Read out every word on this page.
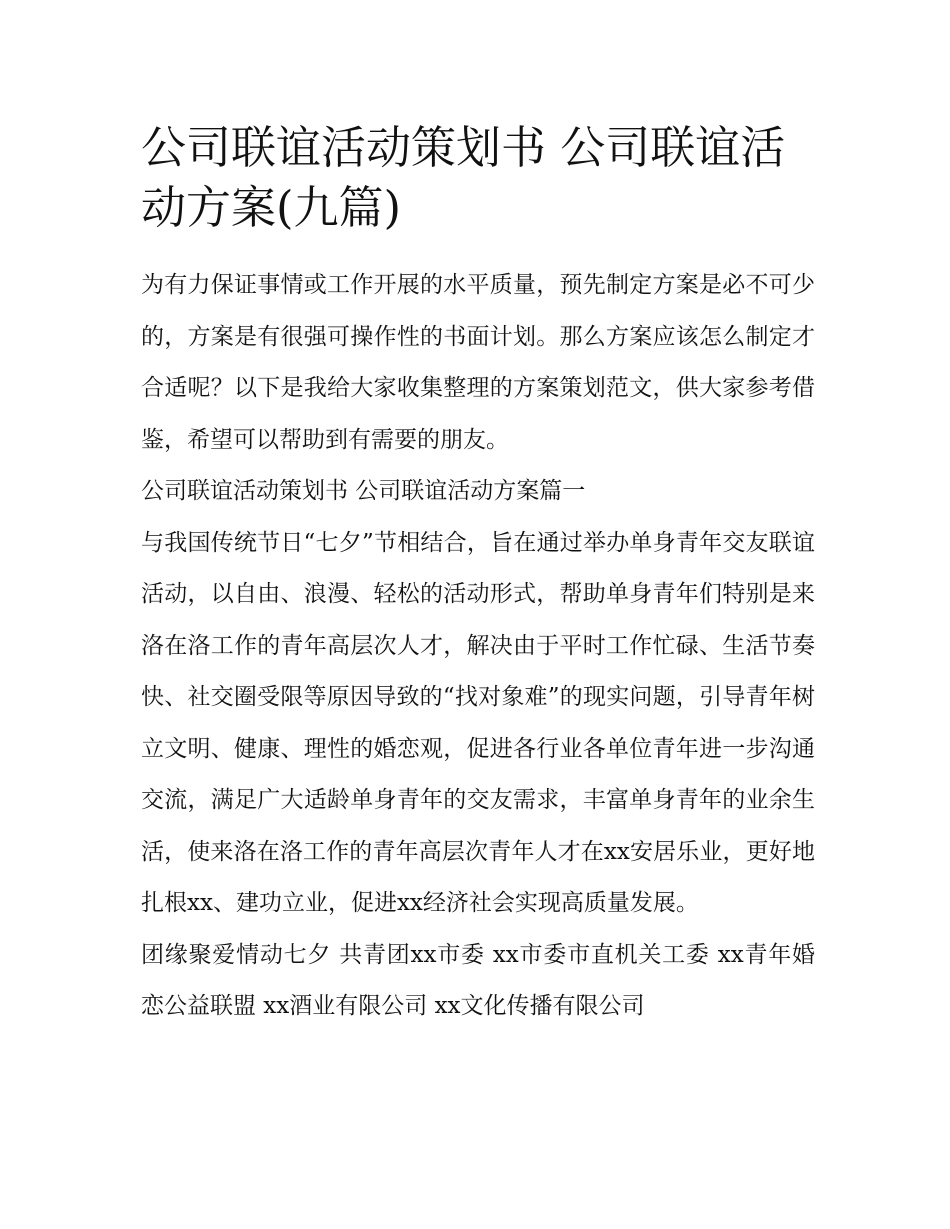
公司联谊活动策划书 公司联谊活动方案(九篇)

为有力保证事情或工作开展的水平质量，预先制定方案是必不可少的，方案是有很强可操作性的书面计划。那么方案应该怎么制定才合适呢？以下是我给大家收集整理的方案策划范文，供大家参考借鉴，希望可以帮助到有需要的朋友。

公司联谊活动策划书 公司联谊活动方案篇一

与我国传统节日“七夕”节相结合，旨在通过举办单身青年交友联谊活动，以自由、浪漫、轻松的活动形式，帮助单身青年们特别是来洛在洛工作的青年高层次人才，解决由于平时工作忙碌、生活节奏快、社交圈受限等原因导致的“找对象难”的现实问题，引导青年树立文明、健康、理性的婚恋观，促进各行业各单位青年进一步沟通交流，满足广大适龄单身青年的交友需求，丰富单身青年的业余生活，使来洛在洛工作的青年高层次青年人才在xx安居乐业，更好地扎根xx、建功立业，促进xx经济社会实现高质量发展。

团缘聚爱情动七夕 共青团xx市委 xx市委市直机关工委 xx青年婚恋公益联盟 xx酒业有限公司 xx文化传播有限公司
